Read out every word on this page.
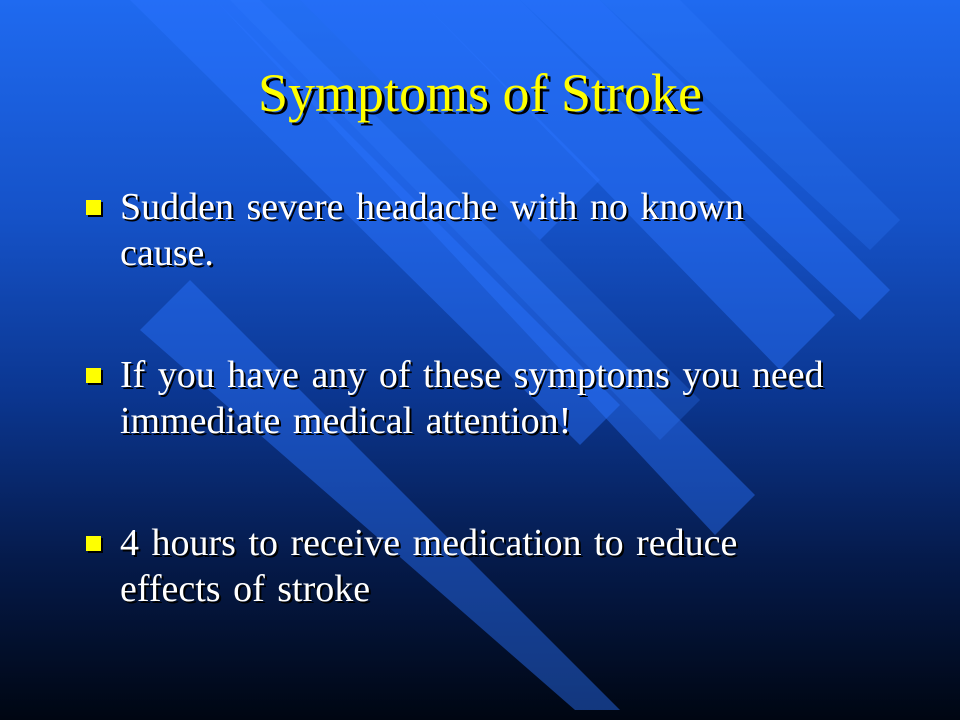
Symptoms of Stroke
Sudden severe headache with no known cause.
If you have any of these symptoms you need immediate medical attention!
4 hours to receive medication to reduce effects of stroke
